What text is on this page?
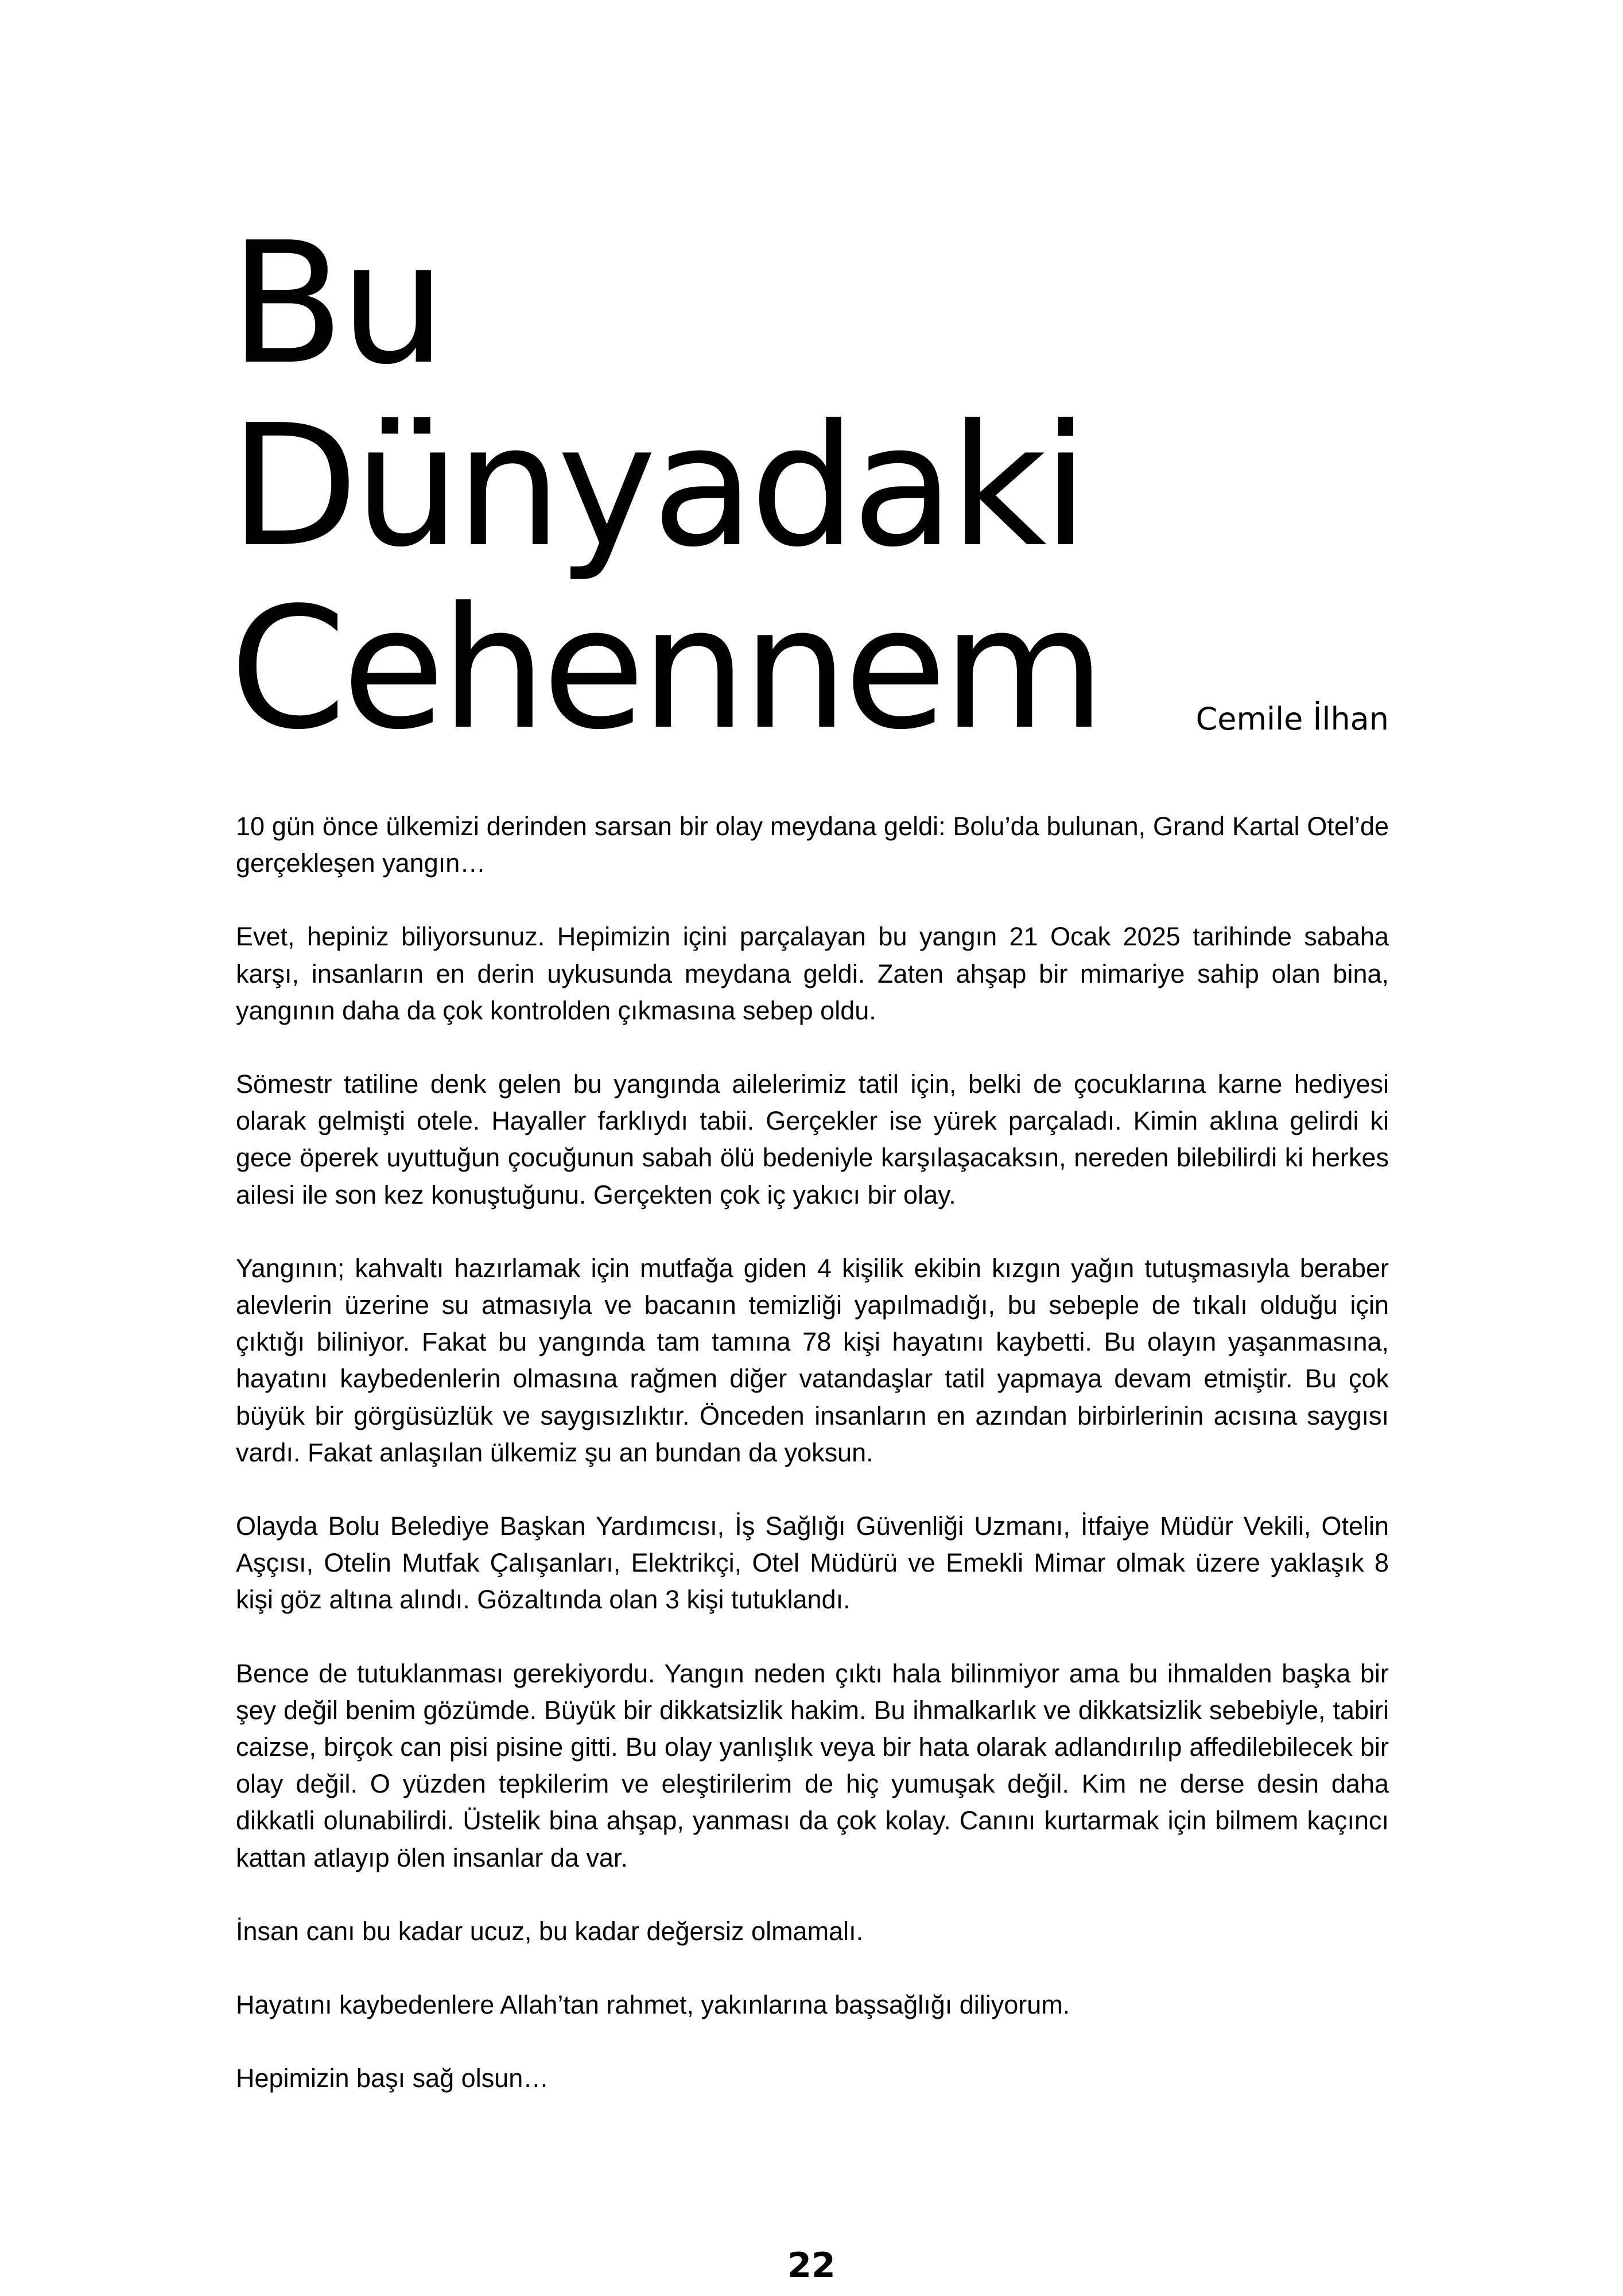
Bu
Dünyadaki
Cehennem	Cemile İlhan

10 gün önce ülkemizi derinden sarsan bir olay meydana geldi: Bolu’da bulunan, Grand Kartal Otel’de gerçekleşen yangın…

Evet, hepiniz biliyorsunuz. Hepimizin içini parçalayan bu yangın 21 Ocak 2025 tarihinde sabaha karşı, insanların en derin uykusunda meydana geldi. Zaten ahşap bir mimariye sahip olan bina, yangının daha da çok kontrolden çıkmasına sebep oldu.

Sömestr tatiline denk gelen bu yangında ailelerimiz tatil için, belki de çocuklarına karne hediyesi olarak gelmişti otele. Hayaller farklıydı tabii. Gerçekler ise yürek parçaladı. Kimin aklına gelirdi ki gece öperek uyuttuğun çocuğunun sabah ölü bedeniyle karşılaşacaksın, nereden bilebilirdi ki herkes ailesi ile son kez konuştuğunu. Gerçekten çok iç yakıcı bir olay.

Yangının; kahvaltı hazırlamak için mutfağa giden 4 kişilik ekibin kızgın yağın tutuşmasıyla beraber alevlerin üzerine su atmasıyla ve bacanın temizliği yapılmadığı, bu sebeple de tıkalı olduğu için çıktığı biliniyor. Fakat bu yangında tam tamına 78 kişi hayatını kaybetti. Bu olayın yaşanmasına, hayatını kaybedenlerin olmasına rağmen diğer vatandaşlar tatil yapmaya devam etmiştir. Bu çok büyük bir görgüsüzlük ve saygısızlıktır. Önceden insanların en azından birbirlerinin acısına saygısı vardı. Fakat anlaşılan ülkemiz şu an bundan da yoksun.

Olayda Bolu Belediye Başkan Yardımcısı, İş Sağlığı Güvenliği Uzmanı, İtfaiye Müdür Vekili, Otelin Aşçısı, Otelin Mutfak Çalışanları, Elektrikçi, Otel Müdürü ve Emekli Mimar olmak üzere yaklaşık 8 kişi göz altına alındı. Gözaltında olan 3 kişi tutuklandı.

Bence de tutuklanması gerekiyordu. Yangın neden çıktı hala bilinmiyor ama bu ihmalden başka bir şey değil benim gözümde. Büyük bir dikkatsizlik hakim. Bu ihmalkarlık ve dikkatsizlik sebebiyle, tabiri caizse, birçok can pisi pisine gitti. Bu olay yanlışlık veya bir hata olarak adlandırılıp affedilebilecek bir olay değil. O yüzden tepkilerim ve eleştirilerim de hiç yumuşak değil. Kim ne derse desin daha dikkatli olunabilirdi. Üstelik bina ahşap, yanması da çok kolay. Canını kurtarmak için bilmem kaçıncı kattan atlayıp ölen insanlar da var.

İnsan canı bu kadar ucuz, bu kadar değersiz olmamalı.

Hayatını kaybedenlere Allah’tan rahmet, yakınlarına başsağlığı diliyorum.

Hepimizin başı sağ olsun…

22
